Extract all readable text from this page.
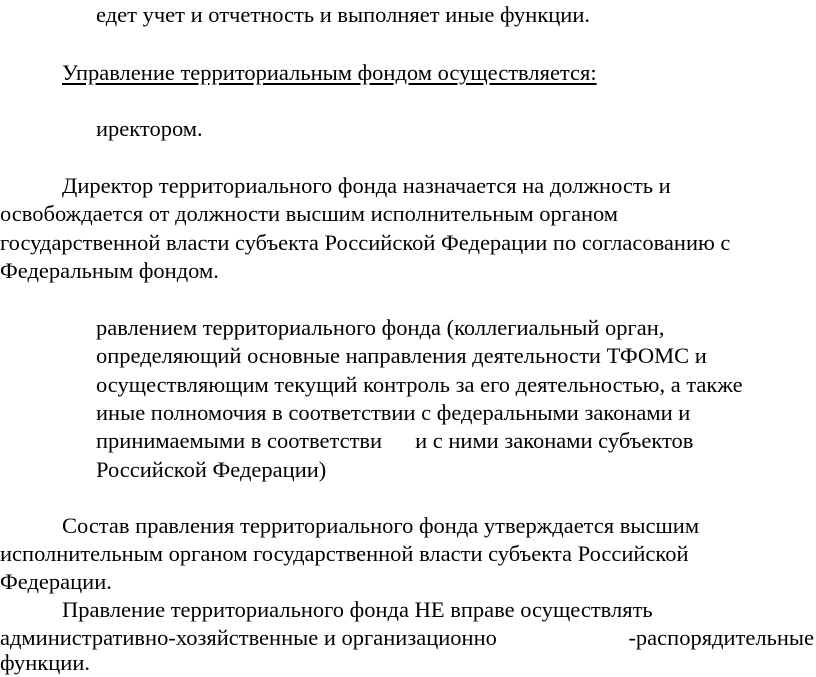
едет учет и отчетность и выполняет иные функции.

Управление территориальным фондом осуществляется:

иректором.

Директор территориального фонда назначается на должность и

освобождается от должности высшим исполнительным органом

государственной власти субъекта Российской Федерации по согласованию с

Федеральным фондом.

равлением территориального фонда (коллегиальный орган,

определяющий основные направления деятельности ТФОМС и

осуществляющим текущий контроль за его деятельностью, а также

иные полномочия в соответствии с федеральными законами и

принимаемыми в соответстви и с ними законами субъектов

Российской Федерации)

Состав правления территориального фонда утверждается высшим

исполнительным органом государственной власти субъекта Российской

Федерации.

Правление территориального фонда НЕ вправе осуществлять

административно-хозяйственные и организационно	-распорядительные

функции.
